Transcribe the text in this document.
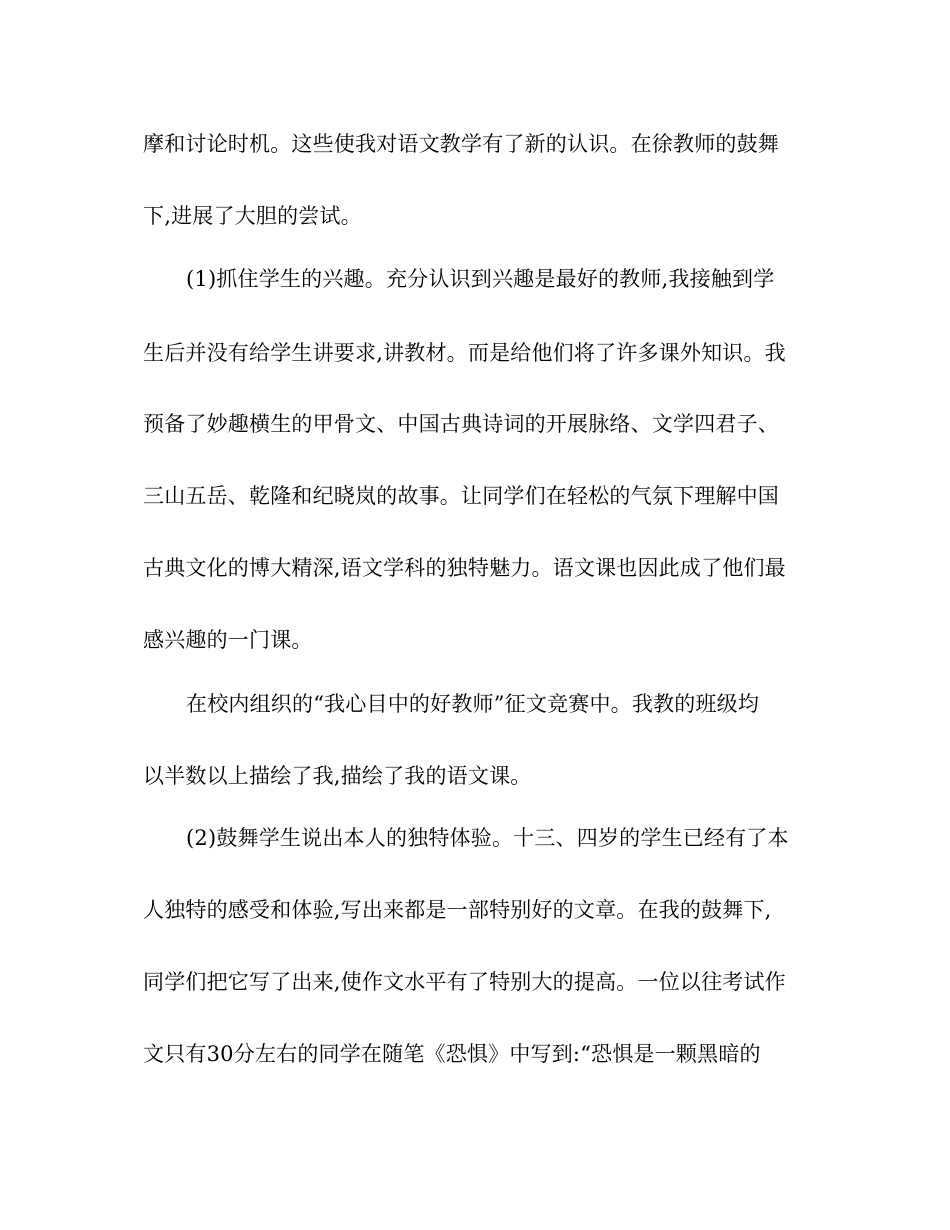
摩和讨论时机。这些使我对语文教学有了新的认识。在徐教师的鼓舞
下,进展了大胆的尝试。
(1)抓住学生的兴趣。充分认识到兴趣是最好的教师,我接触到学
生后并没有给学生讲要求,讲教材。而是给他们将了许多课外知识。我
预备了妙趣横生的甲骨文、中国古典诗词的开展脉络、文学四君子、
三山五岳、乾隆和纪晓岚的故事。让同学们在轻松的气氛下理解中国
古典文化的博大精深,语文学科的独特魅力。语文课也因此成了他们最
感兴趣的一门课。
在校内组织的“我心目中的好教师”征文竞赛中。我教的班级均
以半数以上描绘了我,描绘了我的语文课。
(2)鼓舞学生说出本人的独特体验。十三、四岁的学生已经有了本
人独特的感受和体验,写出来都是一部特别好的文章。在我的鼓舞下,
同学们把它写了出来,使作文水平有了特别大的提高。一位以往考试作
文只有30分左右的同学在随笔《恐惧》中写到:“恐惧是一颗黑暗的
